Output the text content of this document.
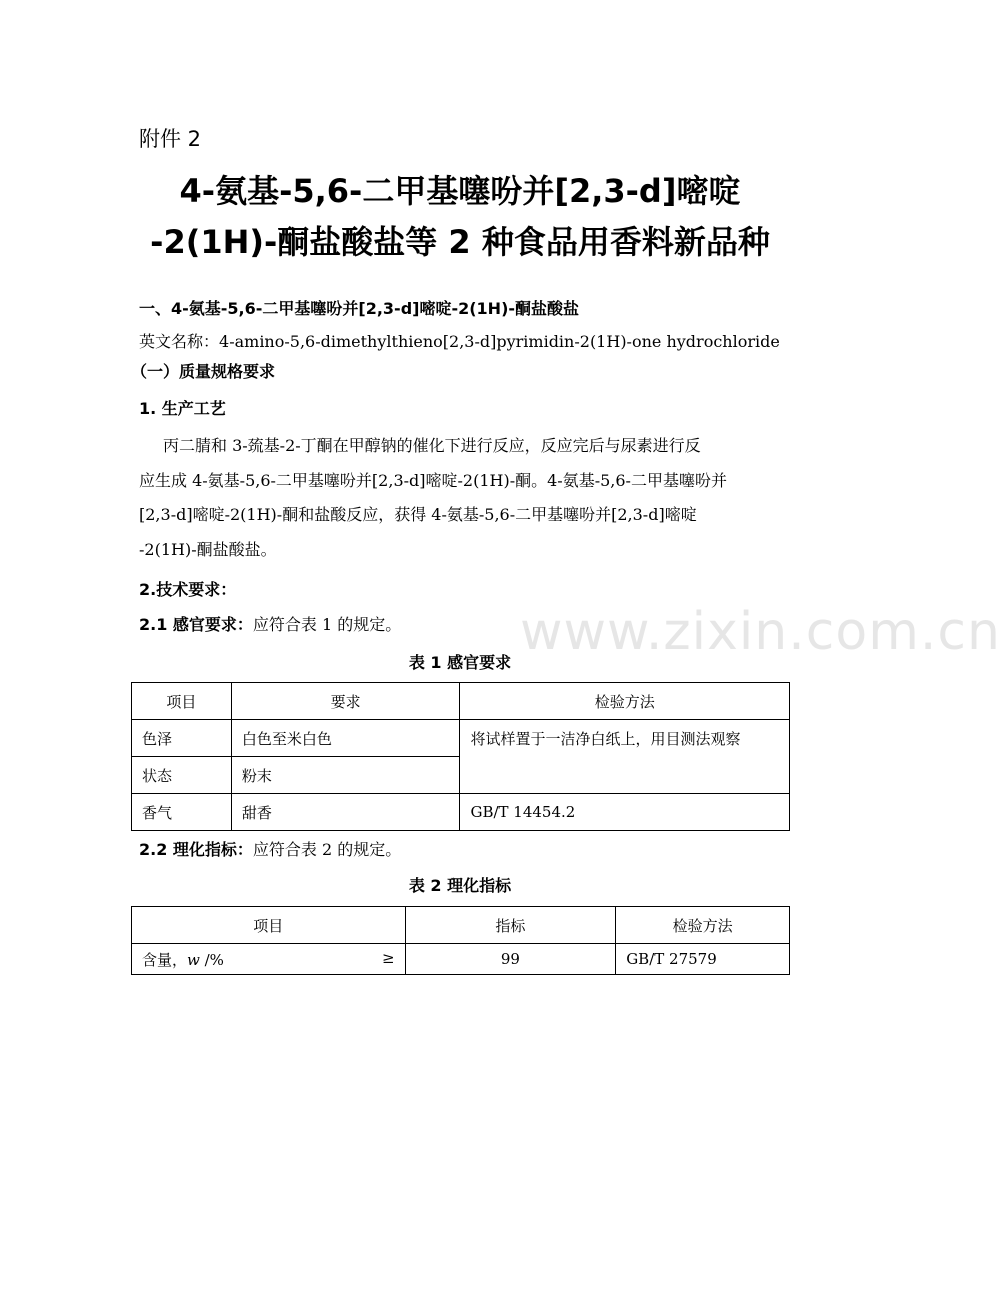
附件 2
4-氨基-5,6-二甲基噻吩并[2,3-d]嘧啶
-2(1H)-酮盐酸盐等 2 种食品用香料新品种
一、4-氨基-5,6-二甲基噻吩并[2,3-d]嘧啶-2(1H)-酮盐酸盐
英文名称：4-amino-5,6-dimethylthieno[2,3-d]pyrimidin-2(1H)-one hydrochloride
（一）质量规格要求
1. 生产工艺
丙二腈和 3-巯基-2-丁酮在甲醇钠的催化下进行反应，反应完后与尿素进行反
应生成 4-氨基-5,6-二甲基噻吩并[2,3-d]嘧啶-2(1H)-酮。4-氨基-5,6-二甲基噻吩并
[2,3-d]嘧啶-2(1H)-酮和盐酸反应，获得 4-氨基-5,6-二甲基噻吩并[2,3-d]嘧啶
-2(1H)-酮盐酸盐。
2.技术要求：
2.1 感官要求：应符合表 1 的规定。 www.zixin.com.cn
表 1 感官要求
项目	要求	检验方法
色泽	白色至米白色	将试样置于一洁净白纸上，用目测法观察
状态	粉末	
香气	甜香	GB/T 14454.2
2.2 理化指标：应符合表 2 的规定。
表 2 理化指标
项目	指标	检验方法
含量，w /% ≥	99	GB/T 27579
